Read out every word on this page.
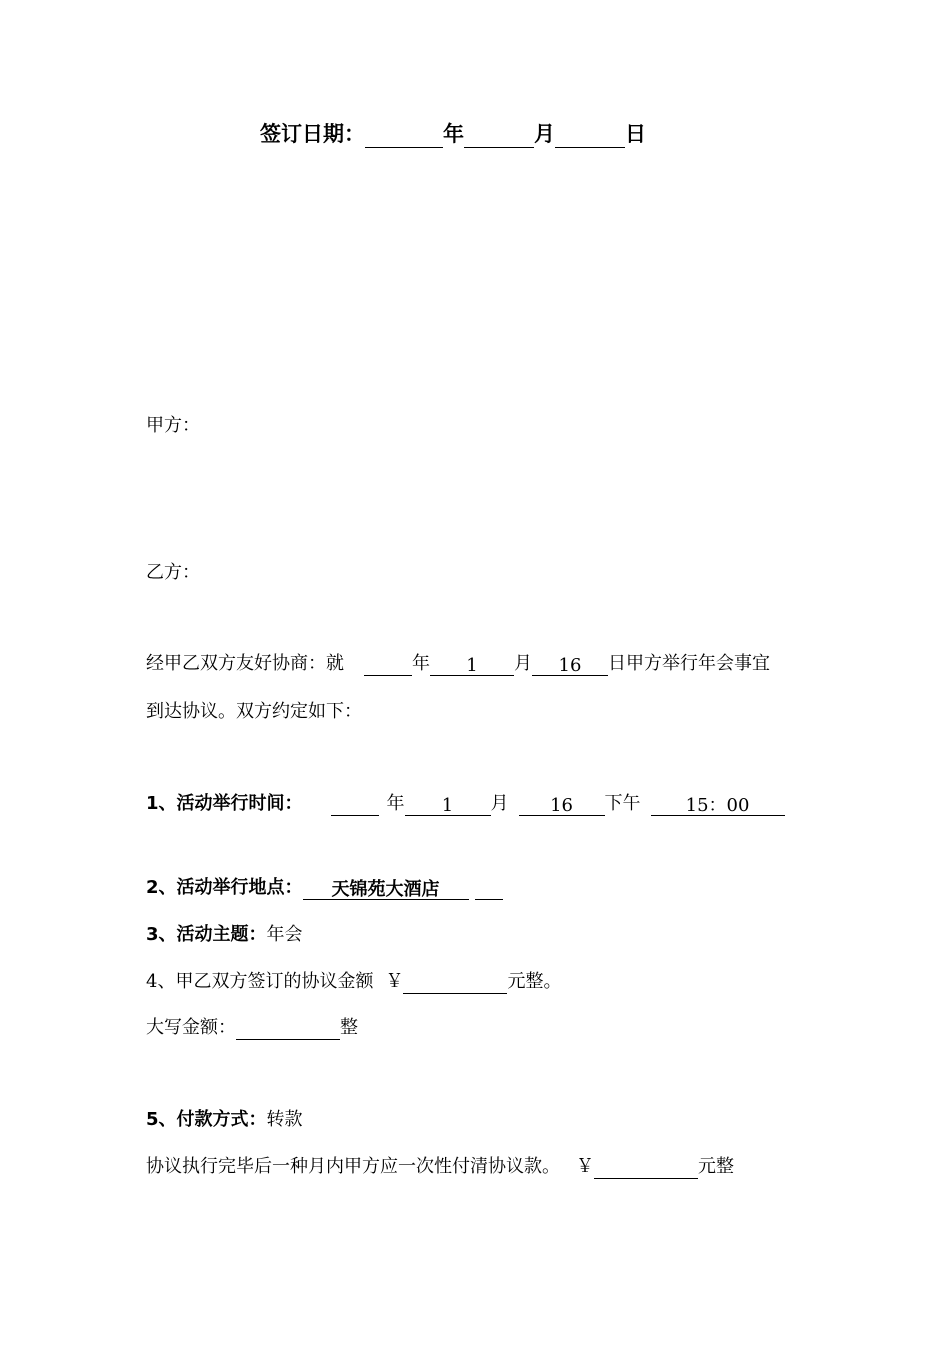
签订日期：	年	月	日
甲方：
乙方：
经甲乙双方友好协商：就	年 1 月 16 日甲方举行年会事宜
到达协议。双方约定如下：
1、活动举行时间：	年 1 月 16 下午	15：00
2、活动举行地点： 天锦苑大酒店
3、活动主题：年会
4、甲乙双方签订的协议金额 ￥	元整。
大写金额：	整
5、付款方式：转款
协议执行完毕后一种月内甲方应一次性付清协议款。 ￥	元整
